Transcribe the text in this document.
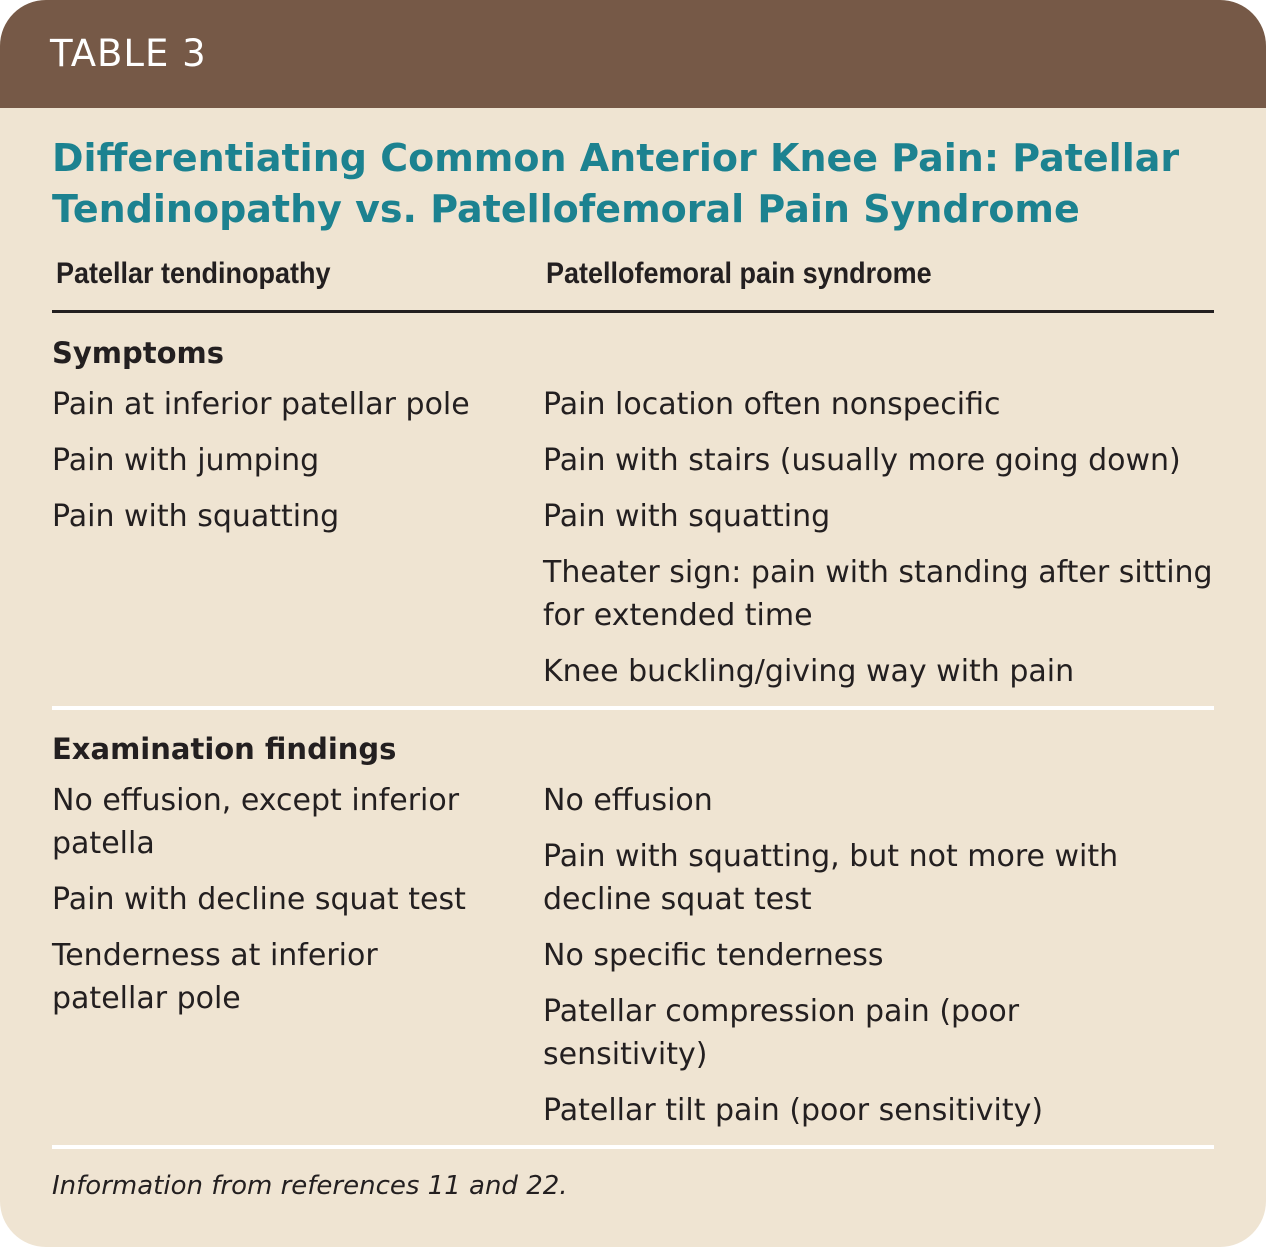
TABLE 3
Differentiating Common Anterior Knee Pain: Patellar Tendinopathy vs. Patellofemoral Pain Syndrome
Patellar tendinopathy	Patellofemoral pain syndrome
Symptoms
Pain at inferior patellar pole
Pain with jumping
Pain with squatting
Pain location often nonspecific
Pain with stairs (usually more going down)
Pain with squatting
Theater sign: pain with standing after sitting for extended time
Knee buckling/giving way with pain
Examination findings
No effusion, except inferior patella
Pain with decline squat test
Tenderness at inferior patellar pole
No effusion
Pain with squatting, but not more with decline squat test
No specific tenderness
Patellar compression pain (poor sensitivity)
Patellar tilt pain (poor sensitivity)
Information from references 11 and 22.
